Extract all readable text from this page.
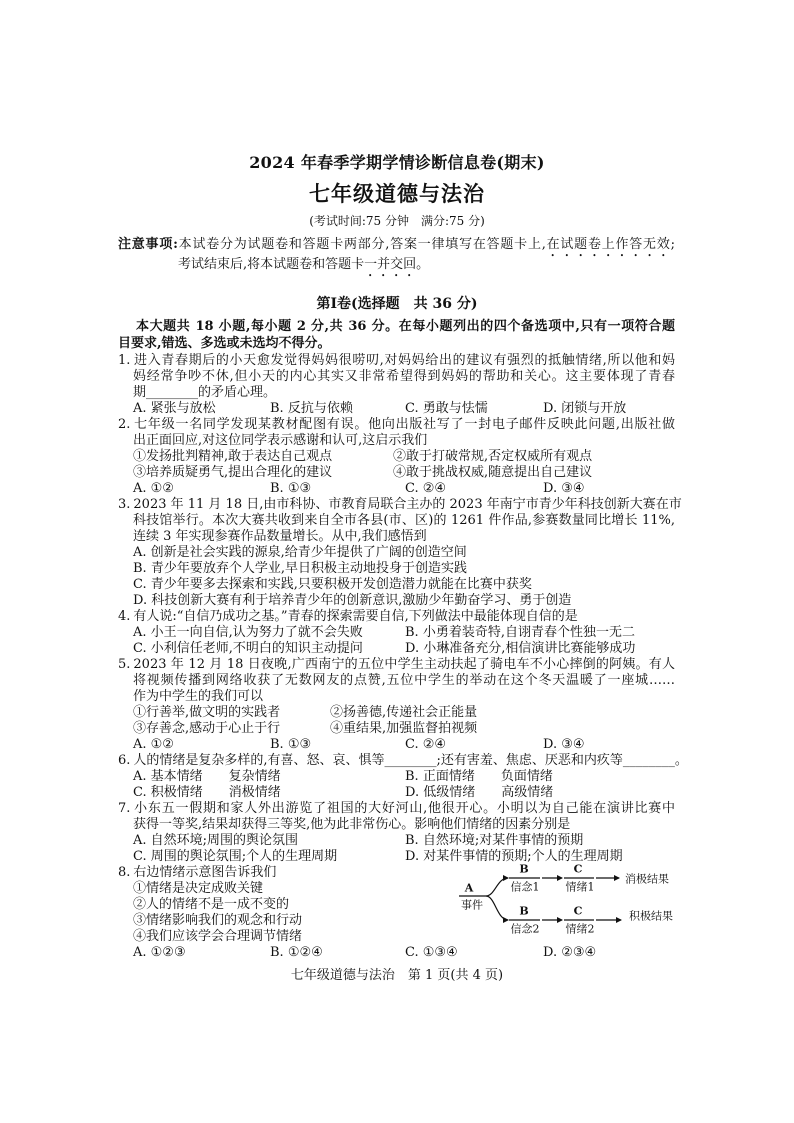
2024 年春季学期学情诊断信息卷(期末)
七年级道德与法治
(考试时间:75 分钟　满分:75 分)
注意事项:本试卷分为试题卷和答题卡两部分,答案一律填写在答题卡上,在试题卷上作答无效;
考试结束后,将本试题卷和答题卡一并交回。
第Ⅰ卷(选择题　共 36 分)
本大题共 18 小题,每小题 2 分,共 36 分。在每小题列出的四个备选项中,只有一项符合题
目要求,错选、多选或未选均不得分。
1. 进入青春期后的小天愈发觉得妈妈很唠叨,对妈妈给出的建议有强烈的抵触情绪,所以他和妈
妈经常争吵不休,但小天的内心其实又非常希望得到妈妈的帮助和关心。这主要体现了青春
期________的矛盾心理。
A. 紧张与放松	B. 反抗与依赖	C. 勇敢与怯懦	D. 闭锁与开放
2. 七年级一名同学发现某教材配图有误。他向出版社写了一封电子邮件反映此问题,出版社做
出正面回应,对这位同学表示感谢和认可,这启示我们
①发扬批判精神,敢于表达自己观点	②敢于打破常规,否定权威所有观点
③培养质疑勇气,提出合理化的建议	④敢于挑战权威,随意提出自己建议
A. ①②	B. ①③	C. ②④	D. ③④
3. 2023 年 11 月 18 日,由市科协、市教育局联合主办的 2023 年南宁市青少年科技创新大赛在市
科技馆举行。本次大赛共收到来自全市各县(市、区)的 1261 件作品,参赛数量同比增长 11%,
连续 3 年实现参赛作品数量增长。从中,我们感悟到
A. 创新是社会实践的源泉,给青少年提供了广阔的创造空间
B. 青少年要放弃个人学业,早日积极主动地投身于创造实践
C. 青少年要多去探索和实践,只要积极开发创造潜力就能在比赛中获奖
D. 科技创新大赛有利于培养青少年的创新意识,激励少年勤奋学习、勇于创造
4. 有人说:“自信乃成功之基。”青春的探索需要自信,下列做法中最能体现自信的是
A. 小王一向自信,认为努力了就不会失败	B. 小勇着装奇特,自诩青春个性独一无二
C. 小利信任老师,不明白的知识主动提问	D. 小琳准备充分,相信演讲比赛能够成功
5. 2023 年 12 月 18 日夜晚,广西南宁的五位中学生主动扶起了骑电车不小心摔倒的阿姨。有人
将视频传播到网络收获了无数网友的点赞,五位中学生的举动在这个冬天温暖了一座城……
作为中学生的我们可以
①行善举,做文明的实践者	②扬善德,传递社会正能量
③存善念,感动于心止于行	④重结果,加强监督拍视频
A. ①②	B. ①③	C. ②④	D. ③④
6. 人的情绪是复杂多样的,有喜、怒、哀、惧等________;还有害羞、焦虑、厌恶和内疚等________。
A. 基本情绪　　复杂情绪	B. 正面情绪　　负面情绪
C. 积极情绪　　消极情绪	D. 低级情绪　　高级情绪
7. 小东五一假期和家人外出游览了祖国的大好河山,他很开心。小明以为自己能在演讲比赛中
获得一等奖,结果却获得三等奖,他为此非常伤心。影响他们情绪的因素分别是
A. 自然环境;周围的舆论氛围	B. 自然环境;对某件事情的预期
C. 周围的舆论氛围;个人的生理周期	D. 对某件事情的预期;个人的生理周期
8. 右边情绪示意图告诉我们
①情绪是决定成败关键
②人的情绪不是一成不变的
③情绪影响我们的观念和行动
④我们应该学会合理调节情绪
A. ①②③	B. ①②④	C. ①③④	D. ②③④
A
事件
B
信念1
C
情绪1
消极结果
B
信念2
C
情绪2
积极结果
七年级道德与法治　第 1 页(共 4 页)
